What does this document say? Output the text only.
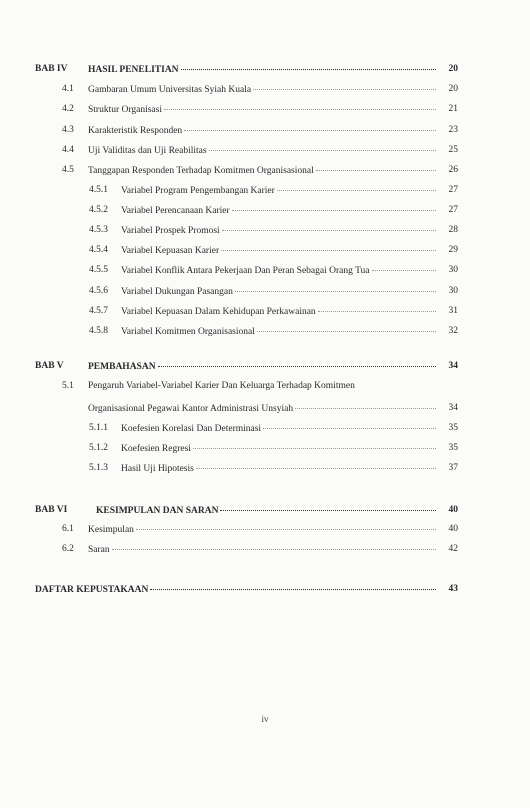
BAB IV HASIL PENELITIAN	20
4.1 Gambaran Umum Universitas Syiah Kuala	20
4.2 Struktur Organisasi	21
4.3 Karakteristik Responden	23
4.4 Uji Validitas dan Uji Reabilitas	25
4.5 Tanggapan Responden Terhadap Komitmen Organisasional	26
4.5.1 Variabel Program Pengembangan Karier	27
4.5.2 Variabel Perencanaan Karier	27
4.5.3 Variabel Prospek Promosi	28
4.5.4 Variabel Kepuasan Karier	29
4.5.5 Variabel Konflik Antara Pekerjaan Dan Peran Sebagai Orang Tua	30
4.5.6 Variabel Dukungan Pasangan	30
4.5.7 Variabel Kepuasan Dalam Kehidupan Perkawainan	31
4.5.8 Variabel Komitmen Organisasional	32
BAB V	PEMBAHASAN	34
5.1 Pengaruh Variabel-Variabel Karier Dan Keluarga Terhadap Komitmen
Organisasional Pegawai Kantor Administrasi Unsyiah	34
5.1.1 Koefesien Korelasi Dan Determinasi	35
5.1.2 Koefesien Regresi	35
5.1.3 Hasil Uji Hipotesis	37
BAB VI	KESIMPULAN DAN SARAN	40
6.1 Kesimpulan	40
6.2 Saran	42
DAFTAR KEPUSTAKAAN	43
iv
